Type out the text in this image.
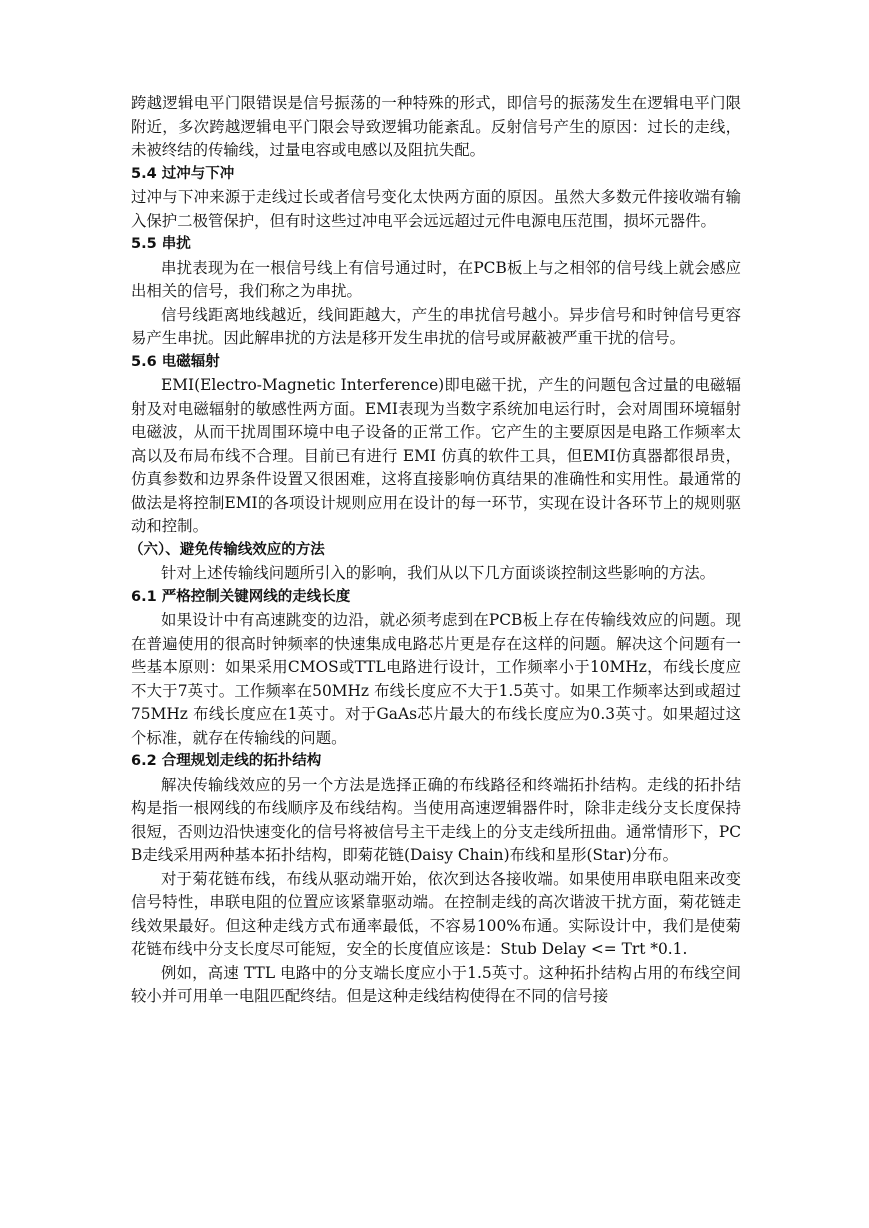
跨越逻辑电平门限错误是信号振荡的一种特殊的形式，即信号的振荡发生在逻辑电平门限附近，多次跨越逻辑电平门限会导致逻辑功能紊乱。反射信号产生的原因：过长的走线，未被终结的传输线，过量电容或电感以及阻抗失配。

5.4 过冲与下冲

过冲与下冲来源于走线过长或者信号变化太快两方面的原因。虽然大多数元件接收端有输入保护二极管保护，但有时这些过冲电平会远远超过元件电源电压范围，损坏元器件。

5.5 串扰

串扰表现为在一根信号线上有信号通过时，在PCB板上与之相邻的信号线上就会感应出相关的信号，我们称之为串扰。

信号线距离地线越近，线间距越大，产生的串扰信号越小。异步信号和时钟信号更容易产生串扰。因此解串扰的方法是移开发生串扰的信号或屏蔽被严重干扰的信号。

5.6 电磁辐射

EMI(Electro-Magnetic Interference)即电磁干扰，产生的问题包含过量的电磁辐射及对电磁辐射的敏感性两方面。EMI表现为当数字系统加电运行时，会对周围环境辐射电磁波，从而干扰周围环境中电子设备的正常工作。它产生的主要原因是电路工作频率太高以及布局布线不合理。目前已有进行 EMI 仿真的软件工具，但EMI仿真器都很昂贵，仿真参数和边界条件设置又很困难，这将直接影响仿真结果的准确性和实用性。最通常的做法是将控制EMI的各项设计规则应用在设计的每一环节，实现在设计各环节上的规则驱动和控制。

（六）、避免传输线效应的方法

针对上述传输线问题所引入的影响，我们从以下几方面谈谈控制这些影响的方法。

6.1 严格控制关键网线的走线长度

如果设计中有高速跳变的边沿，就必须考虑到在PCB板上存在传输线效应的问题。现在普遍使用的很高时钟频率的快速集成电路芯片更是存在这样的问题。解决这个问题有一些基本原则：如果采用CMOS或TTL电路进行设计，工作频率小于10MHz，布线长度应不大于7英寸。工作频率在50MHz 布线长度应不大于1.5英寸。如果工作频率达到或超过75MHz 布线长度应在1英寸。对于GaAs芯片最大的布线长度应为0.3英寸。如果超过这个标准，就存在传输线的问题。

6.2 合理规划走线的拓扑结构

解决传输线效应的另一个方法是选择正确的布线路径和终端拓扑结构。走线的拓扑结构是指一根网线的布线顺序及布线结构。当使用高速逻辑器件时，除非走线分支长度保持很短，否则边沿快速变化的信号将被信号主干走线上的分支走线所扭曲。通常情形下，PCB走线采用两种基本拓扑结构，即菊花链(Daisy Chain)布线和星形(Star)分布。

对于菊花链布线，布线从驱动端开始，依次到达各接收端。如果使用串联电阻来改变信号特性，串联电阻的位置应该紧靠驱动端。在控制走线的高次谐波干扰方面，菊花链走线效果最好。但这种走线方式布通率最低，不容易100%布通。实际设计中，我们是使菊花链布线中分支长度尽可能短，安全的长度值应该是：Stub Delay <= Trt *0.1.

例如，高速 TTL 电路中的分支端长度应小于1.5英寸。这种拓扑结构占用的布线空间较小并可用单一电阻匹配终结。但是这种走线结构使得在不同的信号接
